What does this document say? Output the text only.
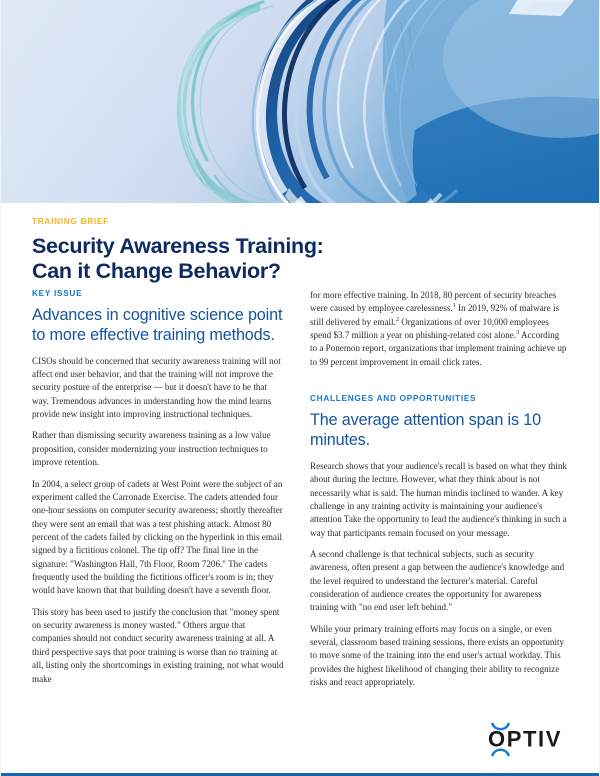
TRAINING BRIEF
Security Awareness Training:
Can it Change Behavior?
KEY ISSUE
Advances in cognitive science point to more effective training methods.

CISOs should be concerned that security awareness training will not affect end user behavior, and that the training will not improve the security posture of the enterprise — but it doesn't have to be that way. Tremendous advances in understanding how the mind learns provide new insight into improving instructional techniques.

Rather than dismissing security awareness training as a low value proposition, consider modernizing your instruction techniques to improve retention.

In 2004, a select group of cadets at West Point were the subject of an experiment called the Carronade Exercise. The cadets attended four one-hour sessions on computer security awareness; shortly thereafter they were sent an email that was a test phishing attack. Almost 80 percent of the cadets failed by clicking on the hyperlink in this email signed by a fictitious colonel. The tip off? The final line in the signature: "Washington Hall, 7th Floor, Room 7206." The cadets frequently used the building the fictitious officer's room is in; they would have known that that building doesn't have a seventh floor.

This story has been used to justify the conclusion that "money spent on security awareness is money wasted." Others argue that companies should not conduct security awareness training at all. A third perspective says that poor training is worse than no training at all, listing only the shortcomings in existing training, not what would make

for more effective training. In 2018, 80 percent of security breaches were caused by employee carelessness.$^1$ In 2019, 92% of malware is still delivered by email.$^2$ Organizations of over 10,000 employees spend $3.7 million a year on phishing-related cost alone.$^3$ According to a Ponemon report, organizations that implement training achieve up to 99 percent improvement in email click rates.

CHALLENGES AND OPPORTUNITIES
The average attention span is 10 minutes.

Research shows that your audience's recall is based on what they think about during the lecture. However, what they think about is not necessarily what is said. The human mindis inclined to wander. A key challenge in any training activity is maintaining your audience's attention Take the opportunity to lead the audience's thinking in such a way that participants remain focused on your message.

A second challenge is that technical subjects, such as security awareness, often present a gap between the audience's knowledge and the level required to understand the lecturer's material. Careful consideration of audience creates the opportunity for awareness training with "no end user left behind."

While your primary training efforts may focus on a single, or even several, classroom based training sessions, there exists an opportunity to move some of the training into the end user's actual workday. This provides the highest likelihood of changing their ability to recognize risks and react appropriately.

OPTIV
